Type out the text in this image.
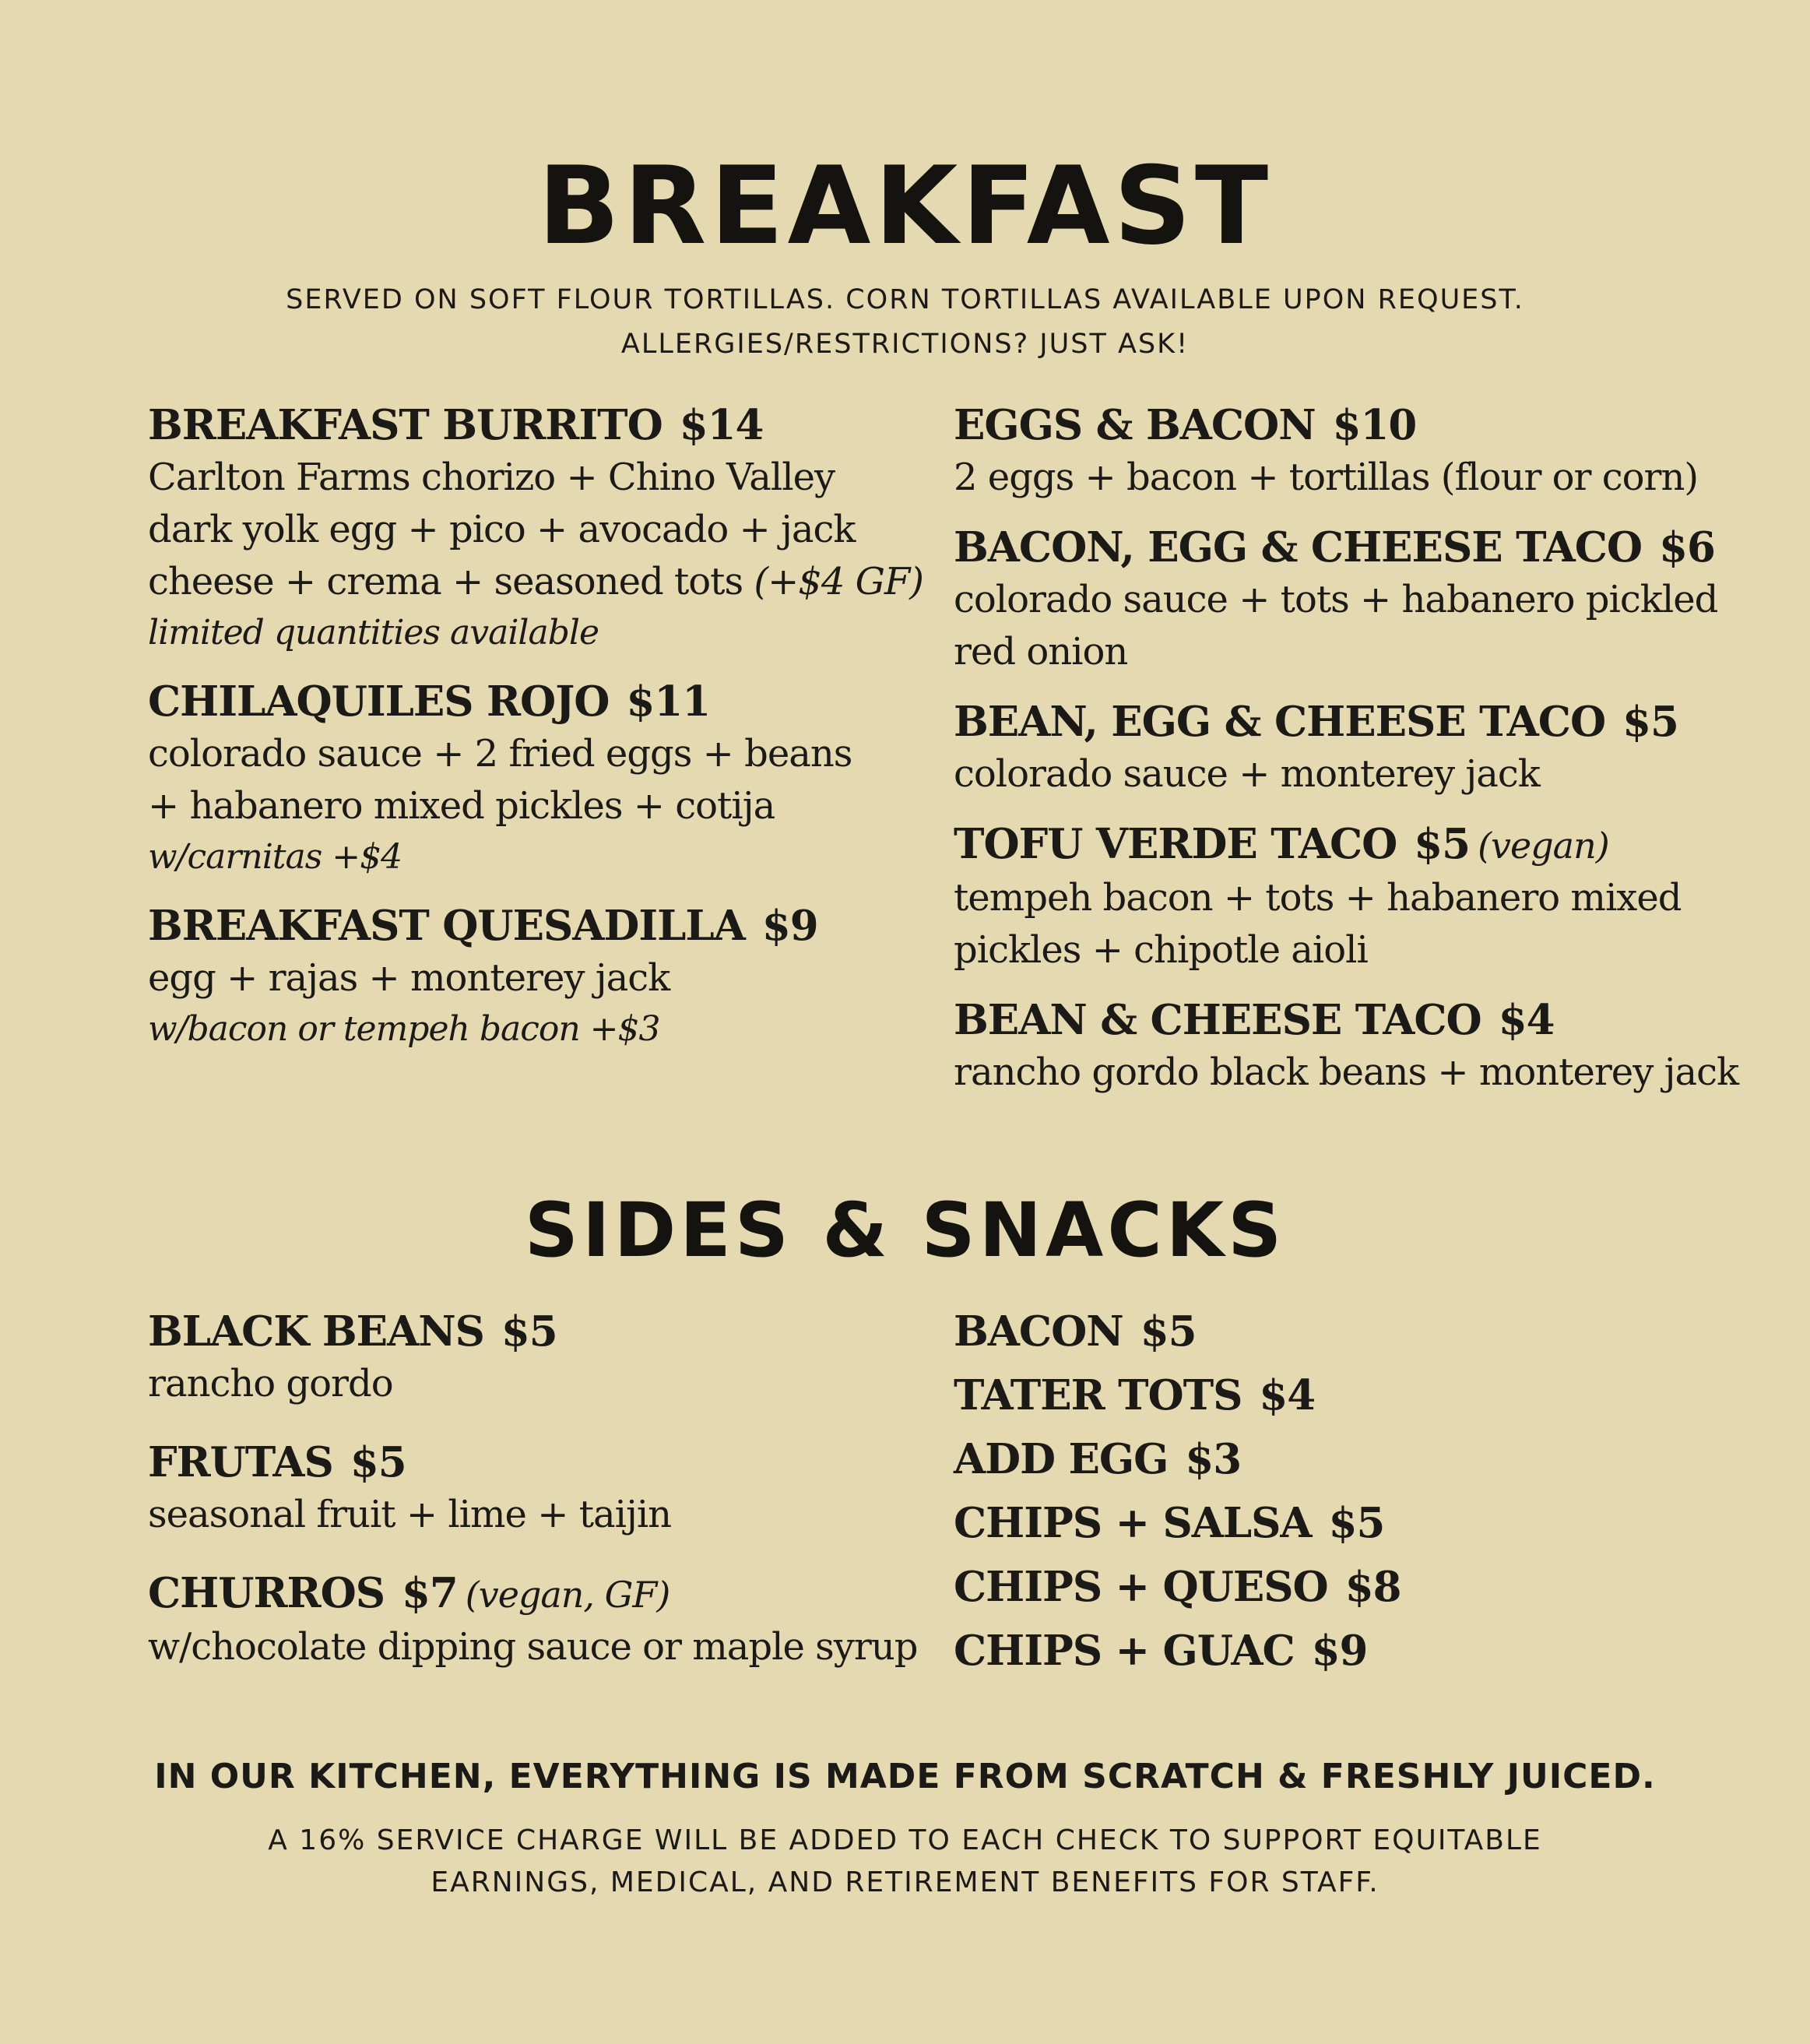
BREAKFAST
SERVED ON SOFT FLOUR TORTILLAS. CORN TORTILLAS AVAILABLE UPON REQUEST.
ALLERGIES/RESTRICTIONS? JUST ASK!
BREAKFAST BURRITO $14
Carlton Farms chorizo + Chino Valley
dark yolk egg + pico + avocado + jack
cheese + crema + seasoned tots (+$4 GF)
limited quantities available
CHILAQUILES ROJO $11
colorado sauce + 2 fried eggs + beans
+ habanero mixed pickles + cotija
w/carnitas +$4
BREAKFAST QUESADILLA $9
egg + rajas + monterey jack
w/bacon or tempeh bacon +$3
EGGS & BACON $10
2 eggs + bacon + tortillas (flour or corn)
BACON, EGG & CHEESE TACO $6
colorado sauce + tots + habanero pickled
red onion
BEAN, EGG & CHEESE TACO $5
colorado sauce + monterey jack
TOFU VERDE TACO $5 (vegan)
tempeh bacon + tots + habanero mixed
pickles + chipotle aioli
BEAN & CHEESE TACO $4
rancho gordo black beans + monterey jack
SIDES & SNACKS
BLACK BEANS $5
rancho gordo
FRUTAS $5
seasonal fruit + lime + taijin
CHURROS $7 (vegan, GF)
w/chocolate dipping sauce or maple syrup
BACON $5
TATER TOTS $4
ADD EGG $3
CHIPS + SALSA $5
CHIPS + QUESO $8
CHIPS + GUAC $9
IN OUR KITCHEN, EVERYTHING IS MADE FROM SCRATCH & FRESHLY JUICED.
A 16% SERVICE CHARGE WILL BE ADDED TO EACH CHECK TO SUPPORT EQUITABLE
EARNINGS, MEDICAL, AND RETIREMENT BENEFITS FOR STAFF.
